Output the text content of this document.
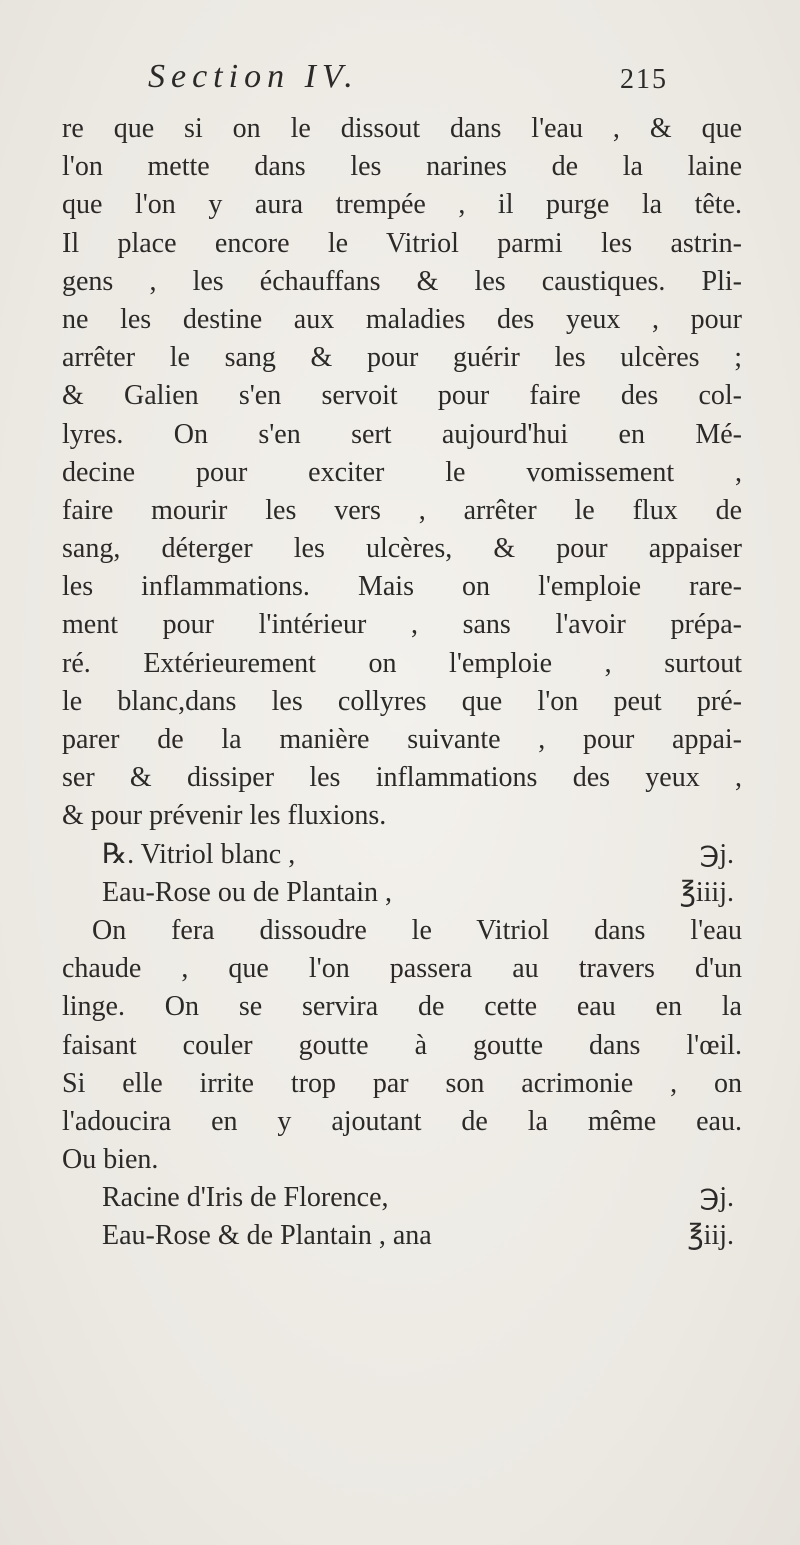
Section IV.	215
re que si on le dissout dans l'eau , & que
l'on mette dans les narines de la laine
que l'on y aura trempée , il purge la tête.
Il place encore le Vitriol parmi les astrin-
gens , les échauffans & les caustiques. Pli-
ne les destine aux maladies des yeux , pour
arrêter le sang & pour guérir les ulcères ;
& Galien s'en servoit pour faire des col-
lyres. On s'en sert aujourd'hui en Mé-
decine pour exciter le vomissement ,
faire mourir les vers , arrêter le flux de
sang, déterger les ulcères, & pour appaiser
les inflammations. Mais on l'emploie rare-
ment pour l'intérieur , sans l'avoir prépa-
ré. Extérieurement on l'emploie , surtout
le blanc,dans les collyres que l'on peut pré-
parer de la manière suivante , pour appai-
ser & dissiper les inflammations des yeux ,
& pour prévenir les fluxions.
℞. Vitriol blanc ,	℈j.
Eau-Rose ou de Plantain ,	℥iiij.
On fera dissoudre le Vitriol dans l'eau
chaude , que l'on passera au travers d'un
linge. On se servira de cette eau en la
faisant couler goutte à goutte dans l'œil.
Si elle irrite trop par son acrimonie , on
l'adoucira en y ajoutant de la même eau.
Ou bien.
Racine d'Iris de Florence,	℈j.
Eau-Rose & de Plantain , ana	℥iij.
